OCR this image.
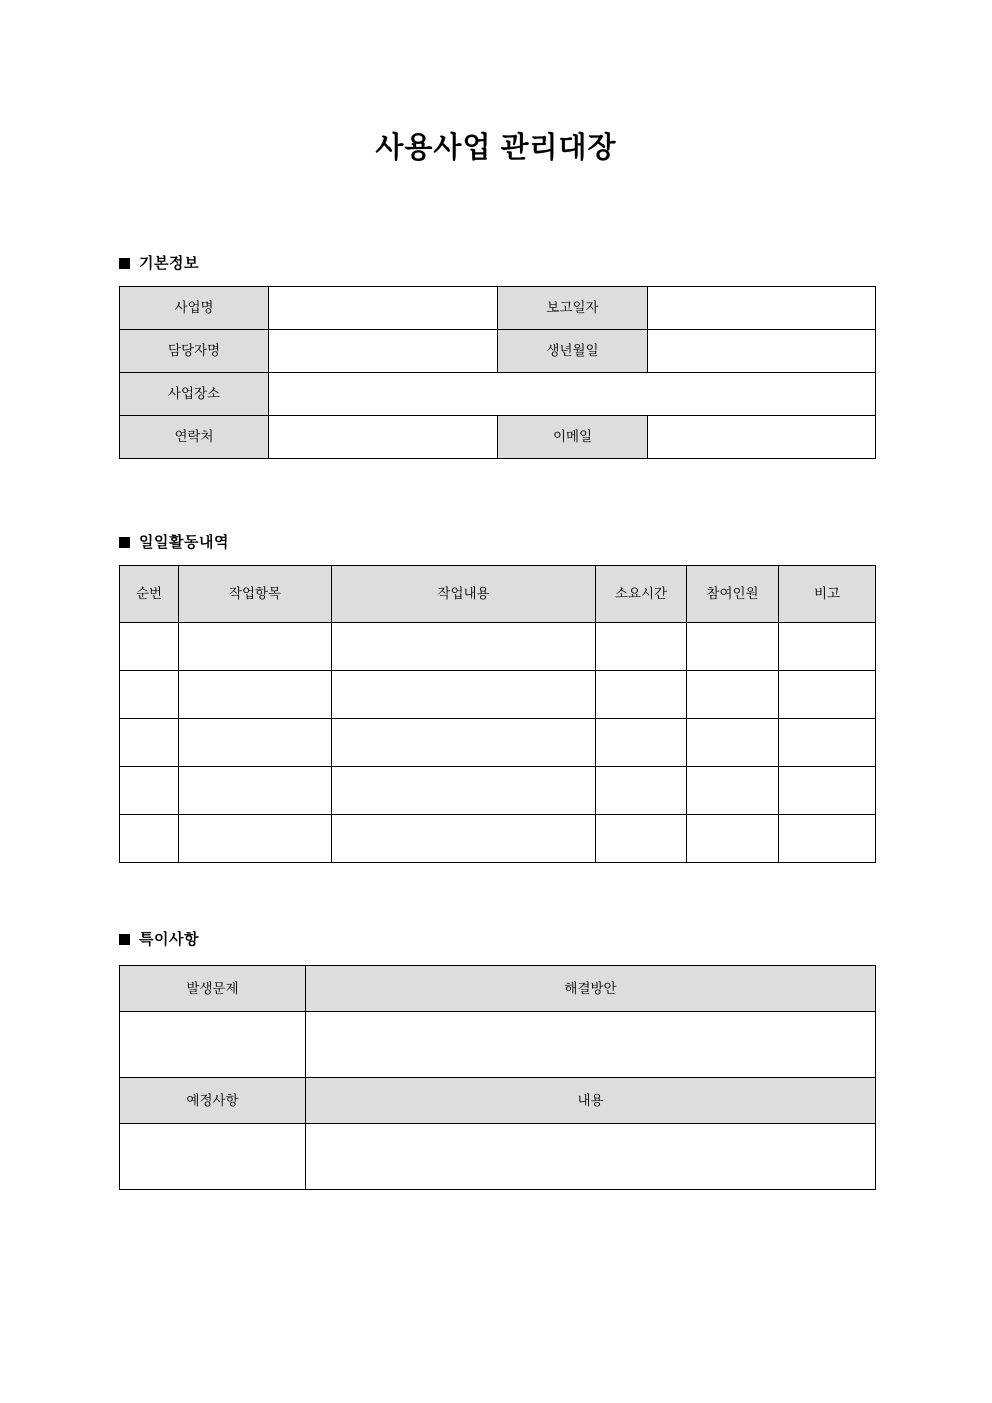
사용사업 관리대장
기본정보
사업명		보고일자	
담당자명		생년월일	
사업장소			
연락처		이메일	
일일활동내역
순번	작업항목	작업내용	소요시간	참여인원	비고

특이사항
발생문제	해결방안

예정사항	내용
